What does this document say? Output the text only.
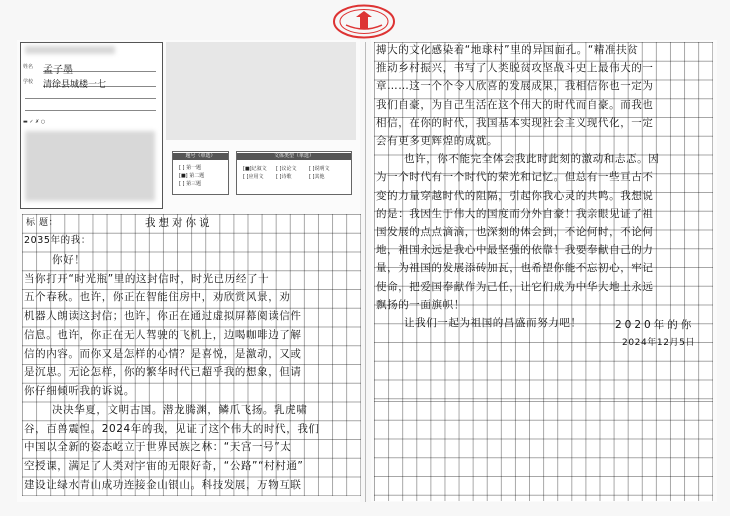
姓名 孟子墨
学校 清徐县城楼一七
▬ ✓ ✗ ○
题号（单选）
[ ] 第一题
[■] 第二题
[ ] 第三题
文体类型（单选）
[■]记叙文 [ ]议论文 [ ]说明文 [ ]应用文 [ ]诗歌	[ ]其他
标 题：	我想对你说
2035年的我：
你好！
当你打开“时光瓶”里的这封信时，时光已历经了十
五个春秋。也许，你正在智能住房中，劝欣赏风景，劝
机器人朗读这封信；也许，你正在通过虚拟屏幕阅读信件
信息。也许，你正在无人驾驶的飞机上，边喝咖啡边了解
信的内容。而你又是怎样的心情？是喜悦，是激动，又或
是沉思。无论怎样，你的繁华时代已超乎我的想象，但请
你仔细倾听我的诉说。
决决华夏，文明古国。潜龙腾渊，鳞爪飞扬。乳虎啸
谷，百兽震惶。2024年的我，见证了这个伟大的时代，我们
中国以全新的姿态屹立于世界民族之林：“天宫一号”太
空授课，满足了人类对宇宙的无限好奇，“公路”“村村通”
建设让绿水青山成功连接金山银山。科技发展，万物互联
搏大的文化感染着“地球村”里的异国面孔。“精准扶贫
推动乡村振兴，书写了人类脱贫攻坚战斗史上最伟大的一
章……这一个个令人欣喜的发展成果，我相信你也一定为
我们自豪，为自己生活在这个伟大的时代而自豪。而我也
相信，在你的时代，我国基本实现社会主义现代化，一定
会有更多更辉煌的成就。
也许，你不能完全体会我此时此刻的激动和忐忑。因
为一个时代有一个时代的荣光和记忆。但总有一些亘古不
变的力量穿越时代的阻隔，引起你我心灵的共鸣。我想说
的是：我因生于伟大的国度而分外自豪！我亲眼见证了祖
国发展的点点滴滴，也深刻的体会到，不论何时，不论何
地，祖国永远是我心中最坚强的依靠！我要奉献自己的力
量，为祖国的发展添砖加瓦，也希望你能不忘初心，牢记
使命，把爱国奉献作为己任，让它们成为中华大地上永远
飘扬的一面旗帜！
让我们一起为祖国的昌盛而努力吧！	2020年的你
2024年12月5日
